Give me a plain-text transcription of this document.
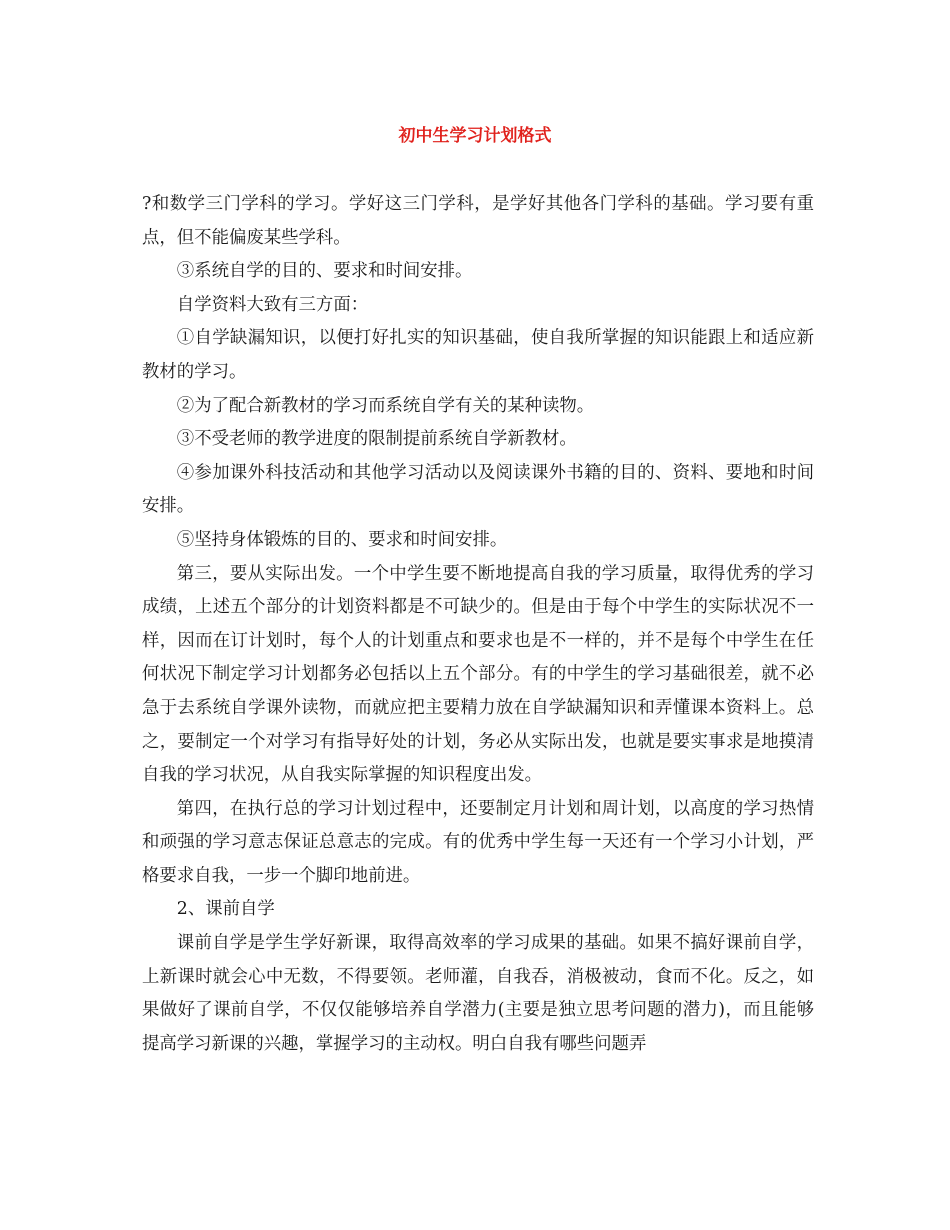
初中生学习计划格式

?和数学三门学科的学习。学好这三门学科，是学好其他各门学科的基础。学习要有重点，但不能偏废某些学科。

③系统自学的目的、要求和时间安排。

自学资料大致有三方面：

①自学缺漏知识，以便打好扎实的知识基础，使自我所掌握的知识能跟上和适应新教材的学习。

②为了配合新教材的学习而系统自学有关的某种读物。

③不受老师的教学进度的限制提前系统自学新教材。

④参加课外科技活动和其他学习活动以及阅读课外书籍的目的、资料、要地和时间安排。

⑤坚持身体锻炼的目的、要求和时间安排。

第三，要从实际出发。一个中学生要不断地提高自我的学习质量，取得优秀的学习成绩，上述五个部分的计划资料都是不可缺少的。但是由于每个中学生的实际状况不一样，因而在订计划时，每个人的计划重点和要求也是不一样的，并不是每个中学生在任何状况下制定学习计划都务必包括以上五个部分。有的中学生的学习基础很差，就不必急于去系统自学课外读物，而就应把主要精力放在自学缺漏知识和弄懂课本资料上。总之，要制定一个对学习有指导好处的计划，务必从实际出发，也就是要实事求是地摸清自我的学习状况，从自我实际掌握的知识程度出发。

第四，在执行总的学习计划过程中，还要制定月计划和周计划，以高度的学习热情和顽强的学习意志保证总意志的完成。有的优秀中学生每一天还有一个学习小计划，严格要求自我，一步一个脚印地前进。

2、课前自学

课前自学是学生学好新课，取得高效率的学习成果的基础。如果不搞好课前自学，上新课时就会心中无数，不得要领。老师灌，自我吞，消极被动，食而不化。反之，如果做好了课前自学，不仅仅能够培养自学潜力(主要是独立思考问题的潜力)，而且能够提高学习新课的兴趣，掌握学习的主动权。明白自我有哪些问题弄
